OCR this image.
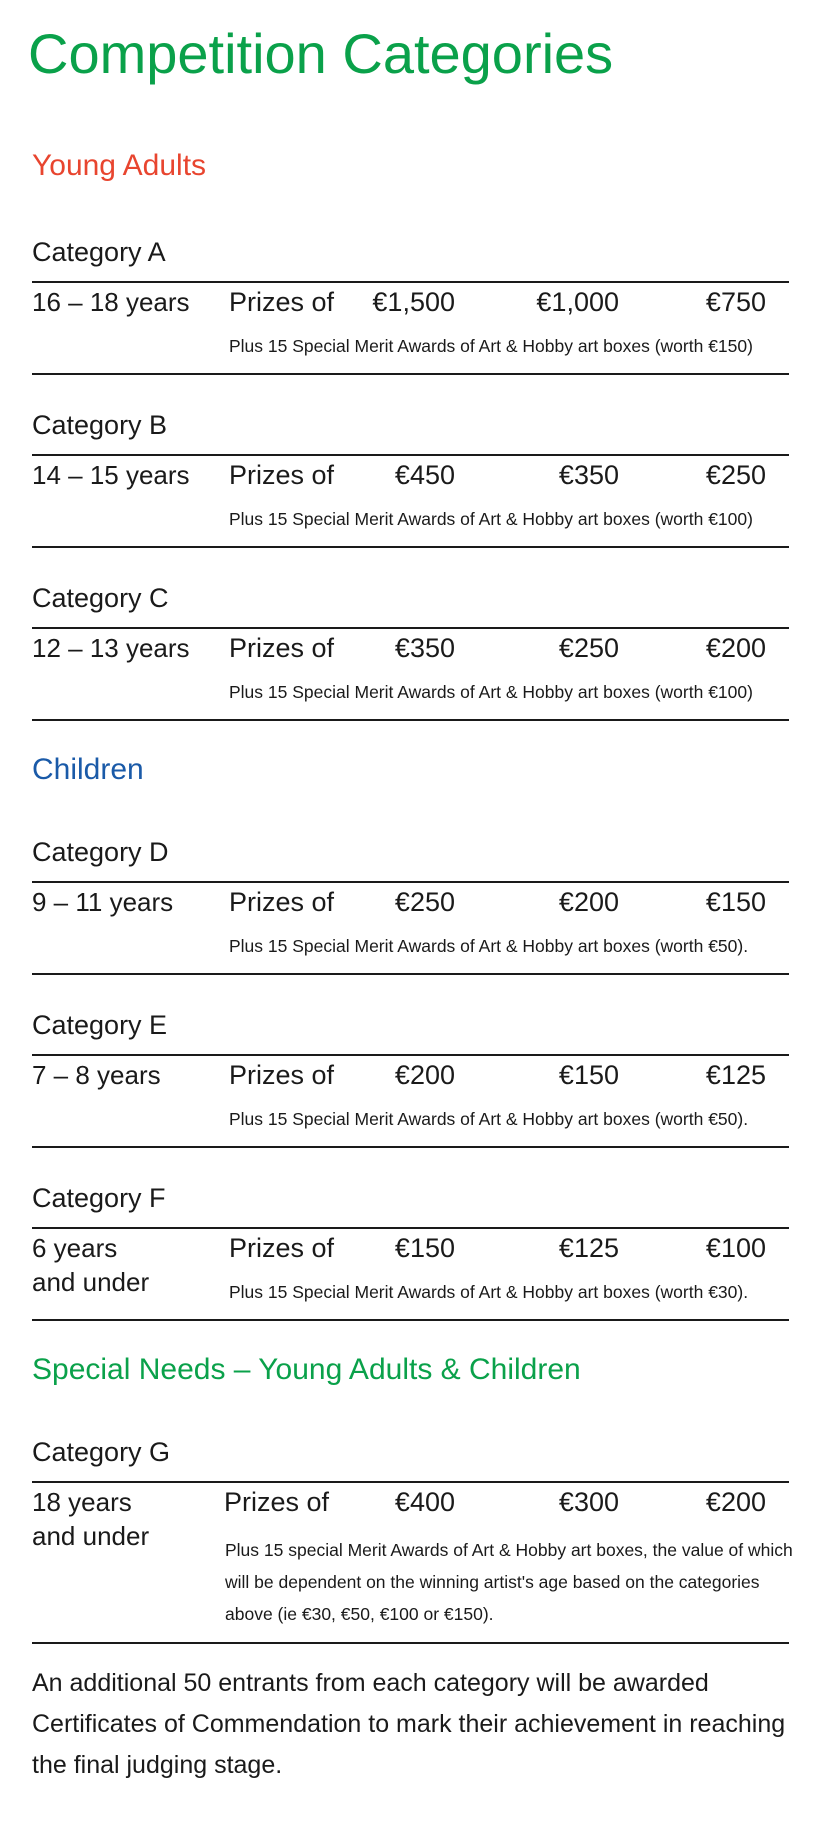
Competition Categories
Young Adults
Category A
16 – 18 years Prizes of	€1,500	€1,000	€750
Plus 15 Special Merit Awards of Art & Hobby art boxes (worth €150)
Category B
14 – 15 years Prizes of	€450	€350	€250
Plus 15 Special Merit Awards of Art & Hobby art boxes (worth €100)
Category C
12 – 13 years Prizes of	€350	€250	€200
Plus 15 Special Merit Awards of Art & Hobby art boxes (worth €100)
Children
Category D
9 – 11 years Prizes of	€250	€200	€150
Plus 15 Special Merit Awards of Art & Hobby art boxes (worth €50).
Category E
7 – 8 years	Prizes of	€200	€150	€125
Plus 15 Special Merit Awards of Art & Hobby art boxes (worth €50).
Category F
6 years
and under
Prizes of	€150	€125	€100
Plus 15 Special Merit Awards of Art & Hobby art boxes (worth €30).
Special Needs – Young Adults & Children
Category G
18 years
and under
Prizes of	€400	€300	€200
Plus 15 special Merit Awards of Art & Hobby art boxes, the value of which will be dependent on the winning artist's age based on the categories above (ie €30, €50, €100 or €150).

An additional 50 entrants from each category will be awarded Certificates of Commendation to mark their achievement in reaching the final judging stage.
